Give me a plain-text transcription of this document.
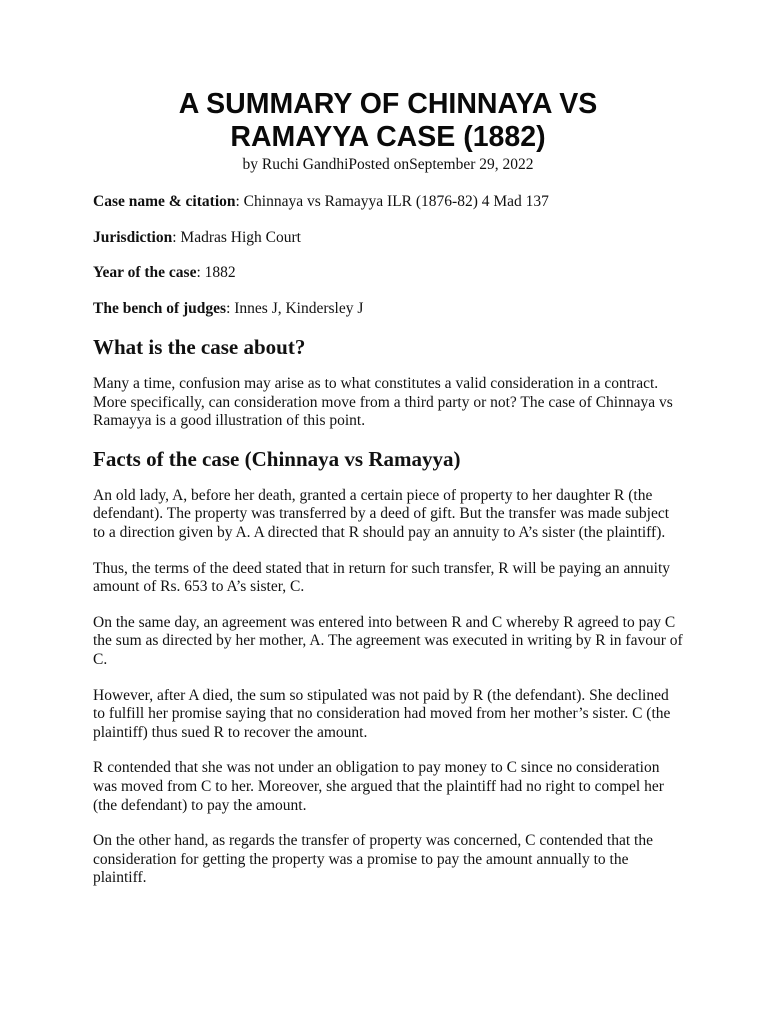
A SUMMARY OF CHINNAYA VS
RAMAYYA CASE (1882)
by Ruchi GandhiPosted onSeptember 29, 2022
Case name & citation: Chinnaya vs Ramayya ILR (1876-82) 4 Mad 137
Jurisdiction: Madras High Court
Year of the case: 1882
The bench of judges: Innes J, Kindersley J
What is the case about?

Many a time, confusion may arise as to what constitutes a valid consideration in a contract. More specifically, can consideration move from a third party or not? The case of Chinnaya vs Ramayya is a good illustration of this point.

Facts of the case (Chinnaya vs Ramayya)

An old lady, A, before her death, granted a certain piece of property to her daughter R (the defendant). The property was transferred by a deed of gift. But the transfer was made subject to a direction given by A. A directed that R should pay an annuity to A’s sister (the plaintiff).

Thus, the terms of the deed stated that in return for such transfer, R will be paying an annuity amount of Rs. 653 to A’s sister, C.

On the same day, an agreement was entered into between R and C whereby R agreed to pay C the sum as directed by her mother, A. The agreement was executed in writing by R in favour of C.

However, after A died, the sum so stipulated was not paid by R (the defendant). She declined to fulfill her promise saying that no consideration had moved from her mother’s sister. C (the plaintiff) thus sued R to recover the amount.

R contended that she was not under an obligation to pay money to C since no consideration was moved from C to her. Moreover, she argued that the plaintiff had no right to compel her (the defendant) to pay the amount.

On the other hand, as regards the transfer of property was concerned, C contended that the consideration for getting the property was a promise to pay the amount annually to the plaintiff.
